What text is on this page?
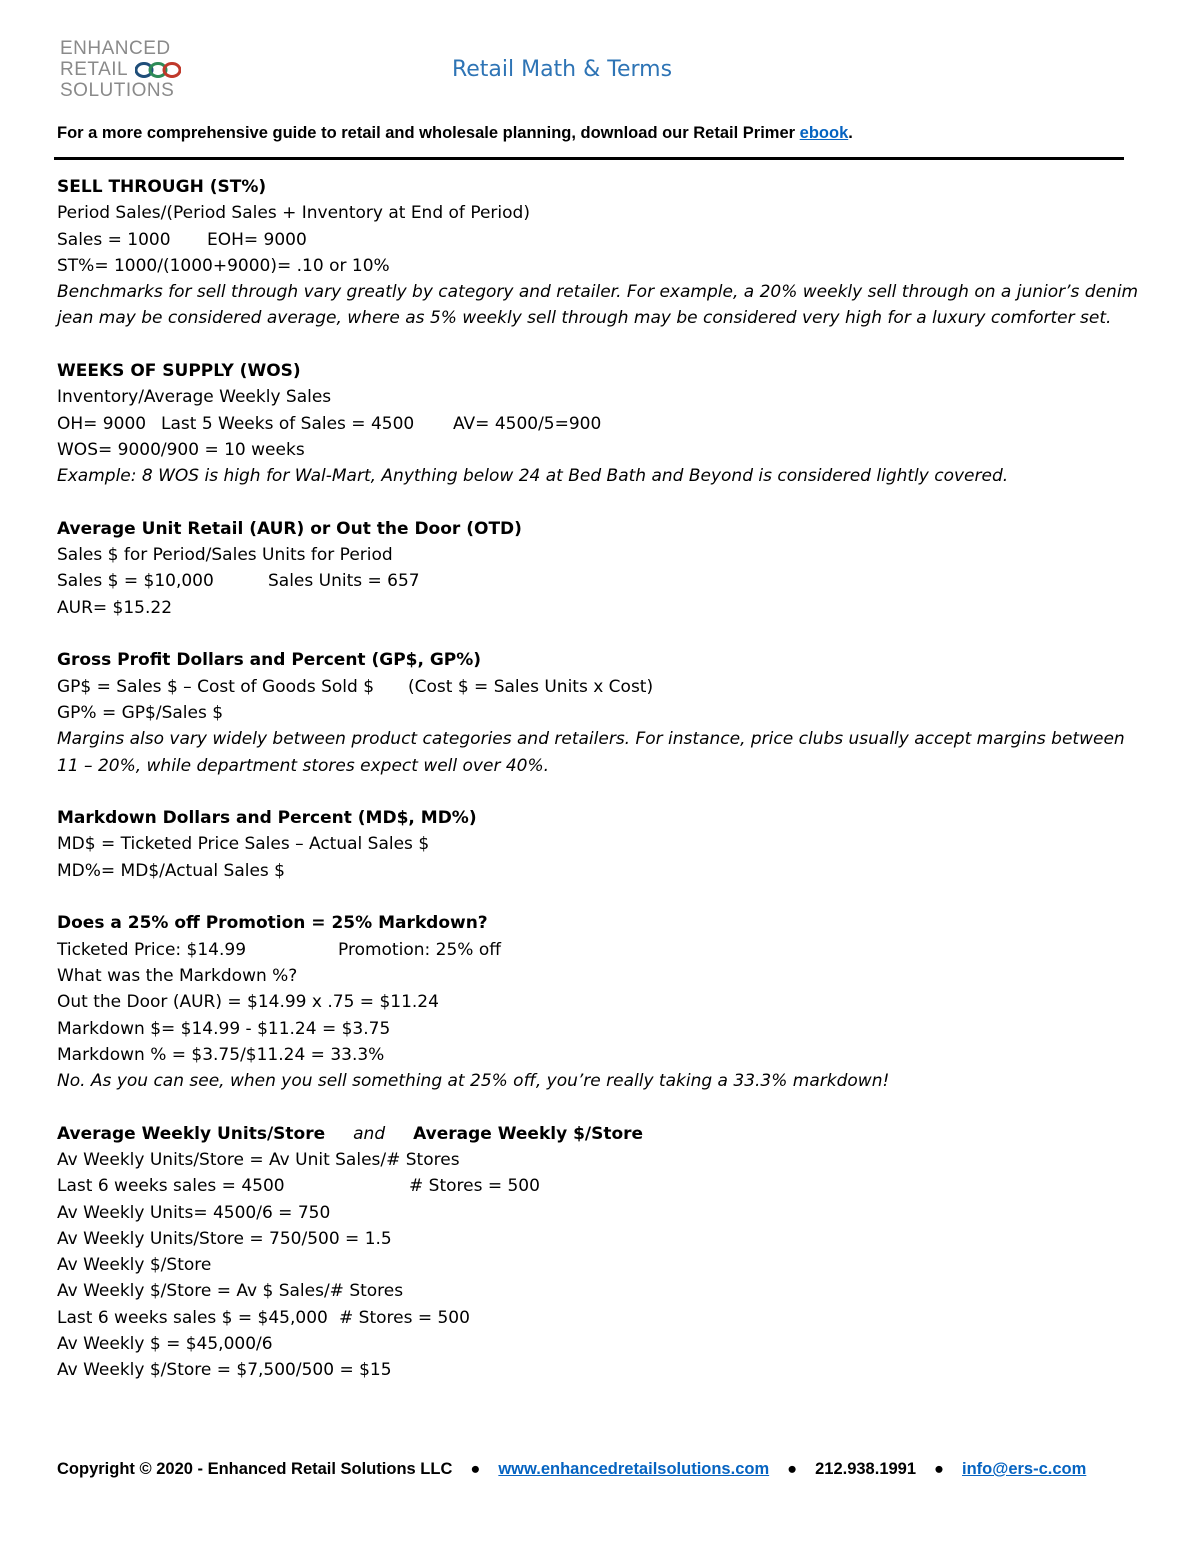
ENHANCED
RETAIL
SOLUTIONS
Retail Math & Terms
For a more comprehensive guide to retail and wholesale planning, download our Retail Primer ebook.
SELL THROUGH (ST%)
Period Sales/(Period Sales + Inventory at End of Period)
Sales = 1000 EOH= 9000
ST%= 1000/(1000+9000)= .10 or 10%
Benchmarks for sell through vary greatly by category and retailer. For example, a 20% weekly sell through on a junior’s denim jean may be considered average, where as 5% weekly sell through may be considered very high for a luxury comforter set.
WEEKS OF SUPPLY (WOS)
Inventory/Average Weekly Sales
OH= 9000 Last 5 Weeks of Sales = 4500 AV= 4500/5=900
WOS= 9000/900 = 10 weeks
Example: 8 WOS is high for Wal-Mart, Anything below 24 at Bed Bath and Beyond is considered lightly covered.
Average Unit Retail (AUR) or Out the Door (OTD)
Sales $ for Period/Sales Units for Period
Sales $ = $10,000	Sales Units = 657
AUR= $15.22
Gross Profit Dollars and Percent (GP$, GP%)
GP$ = Sales $ – Cost of Goods Sold $ (Cost $ = Sales Units x Cost)
GP% = GP$/Sales $
Margins also vary widely between product categories and retailers. For instance, price clubs usually accept margins between 11 – 20%, while department stores expect well over 40%.
Markdown Dollars and Percent (MD$, MD%)
MD$ = Ticketed Price Sales – Actual Sales $
MD%= MD$/Actual Sales $
Does a 25% off Promotion = 25% Markdown?
Ticketed Price: $14.99	Promotion: 25% off
What was the Markdown %?
Out the Door (AUR) = $14.99 x .75 = $11.24
Markdown $= $14.99 - $11.24 = $3.75
Markdown % = $3.75/$11.24 = 33.3%
No. As you can see, when you sell something at 25% off, you’re really taking a 33.3% markdown!
Average Weekly Units/Store and Average Weekly $/Store
Av Weekly Units/Store = Av Unit Sales/# Stores
Last 6 weeks sales = 4500	# Stores = 500
Av Weekly Units= 4500/6 = 750
Av Weekly Units/Store = 750/500 = 1.5
Av Weekly $/Store
Av Weekly $/Store = Av $ Sales/# Stores
Last 6 weeks sales $ = $45,000 # Stores = 500
Av Weekly $ = $45,000/6
Av Weekly $/Store = $7,500/500 = $15
Copyright © 2020 - Enhanced Retail Solutions LLC ● www.enhancedretailsolutions.com ● 212.938.1991 ● info@ers-c.com
